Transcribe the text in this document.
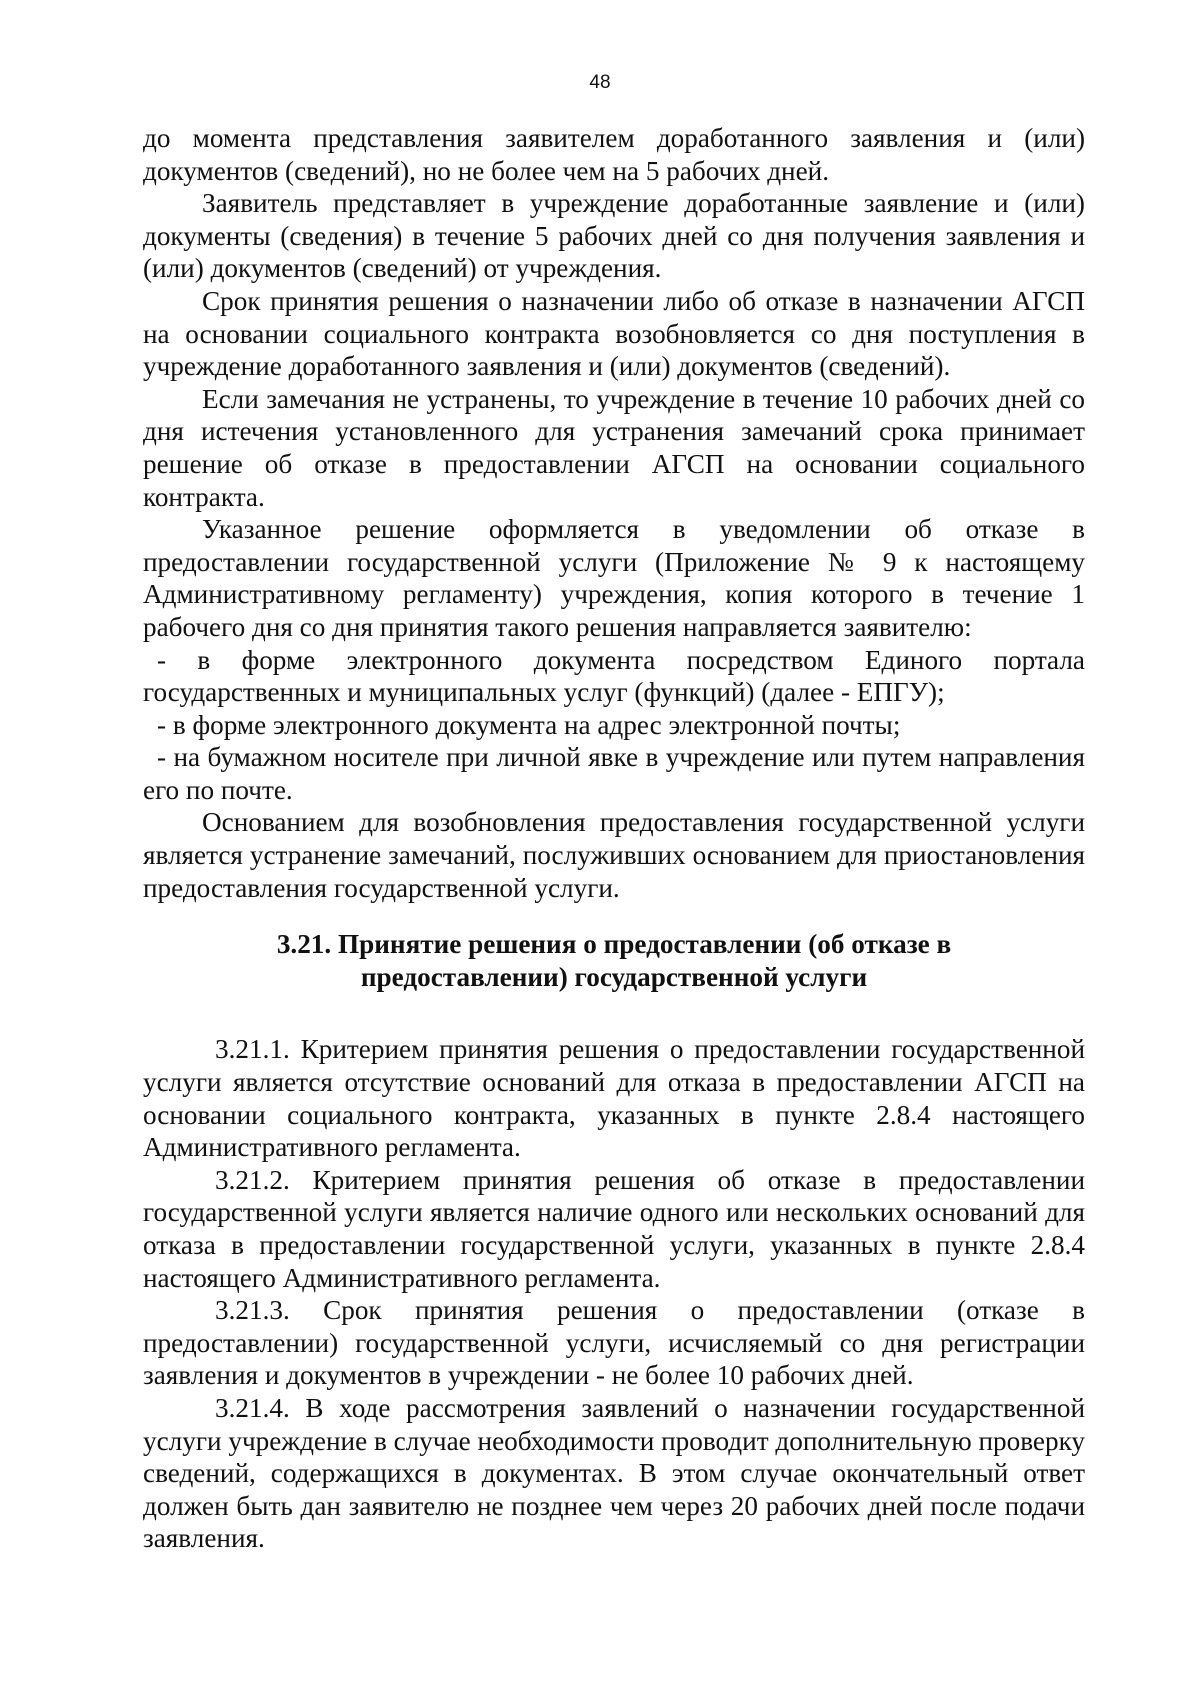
48

до момента представления заявителем доработанного заявления и (или) документов (сведений), но не более чем на 5 рабочих дней.

Заявитель представляет в учреждение доработанные заявление и (или) документы (сведения) в течение 5 рабочих дней со дня получения заявления и (или) документов (сведений) от учреждения.

Срок принятия решения о назначении либо об отказе в назначении АГСП на основании социального контракта возобновляется со дня поступления в учреждение доработанного заявления и (или) документов (сведений).

Если замечания не устранены, то учреждение в течение 10 рабочих дней со дня истечения установленного для устранения замечаний срока принимает решение об отказе в предоставлении АГСП на основании социального контракта.

Указанное решение оформляется в уведомлении об отказе в предоставлении государственной услуги (Приложение № 9 к настоящему Административному регламенту) учреждения, копия которого в течение 1 рабочего дня со дня принятия такого решения направляется заявителю:

- в форме электронного документа посредством Единого портала государственных и муниципальных услуг (функций) (далее - ЕПГУ);

- в форме электронного документа на адрес электронной почты;

- на бумажном носителе при личной явке в учреждение или путем направления его по почте.

Основанием для возобновления предоставления государственной услуги является устранение замечаний, послуживших основанием для приостановления предоставления государственной услуги.

3.21. Принятие решения о предоставлении (об отказе в
предоставлении) государственной услуги

3.21.1. Критерием принятия решения о предоставлении государственной услуги является отсутствие оснований для отказа в предоставлении АГСП на основании социального контракта, указанных в пункте 2.8.4 настоящего Административного регламента.

3.21.2. Критерием принятия решения об отказе в предоставлении государственной услуги является наличие одного или нескольких оснований для отказа в предоставлении государственной услуги, указанных в пункте 2.8.4 настоящего Административного регламента.

3.21.3. Срок принятия решения о предоставлении (отказе в предоставлении) государственной услуги, исчисляемый со дня регистрации заявления и документов в учреждении - не более 10 рабочих дней.

3.21.4. В ходе рассмотрения заявлений о назначении государственной услуги учреждение в случае необходимости проводит дополнительную проверку сведений, содержащихся в документах. В этом случае окончательный ответ должен быть дан заявителю не позднее чем через 20 рабочих дней после подачи заявления.
